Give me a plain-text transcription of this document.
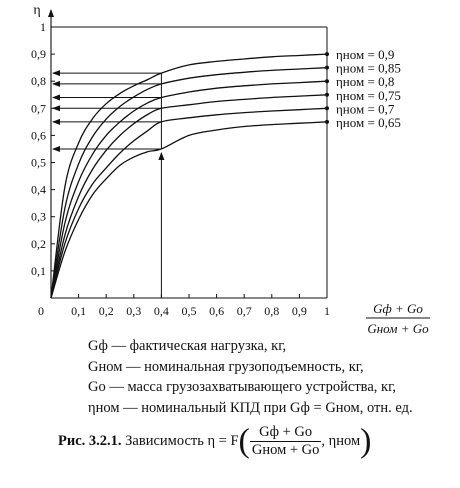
0,1 0,2 0,3 0,4 0,5 0,6 0,7 0,8 0,9 1
0,1
0,2
0,3
0,4
0,5
0,6
0,7
0,8
0,9
1
0
η
Gф + Gо
Gном + Gо
ηном = 0,9
ηном = 0,85
ηном = 0,8
ηном = 0,75
ηном = 0,7
ηном = 0,65
Gф — фактическая нагрузка, кг,
Gном — номинальная грузоподъемность, кг,
Gо — масса грузозахватывающего устройства, кг,
ηном — номинальный КПД при Gф = Gном, отн. ед.
Рис. 3.2.1. Зависимость $\eta = F( \frac{Gф + Gо}{\text{Gном + Gо}}$ , ηном)
